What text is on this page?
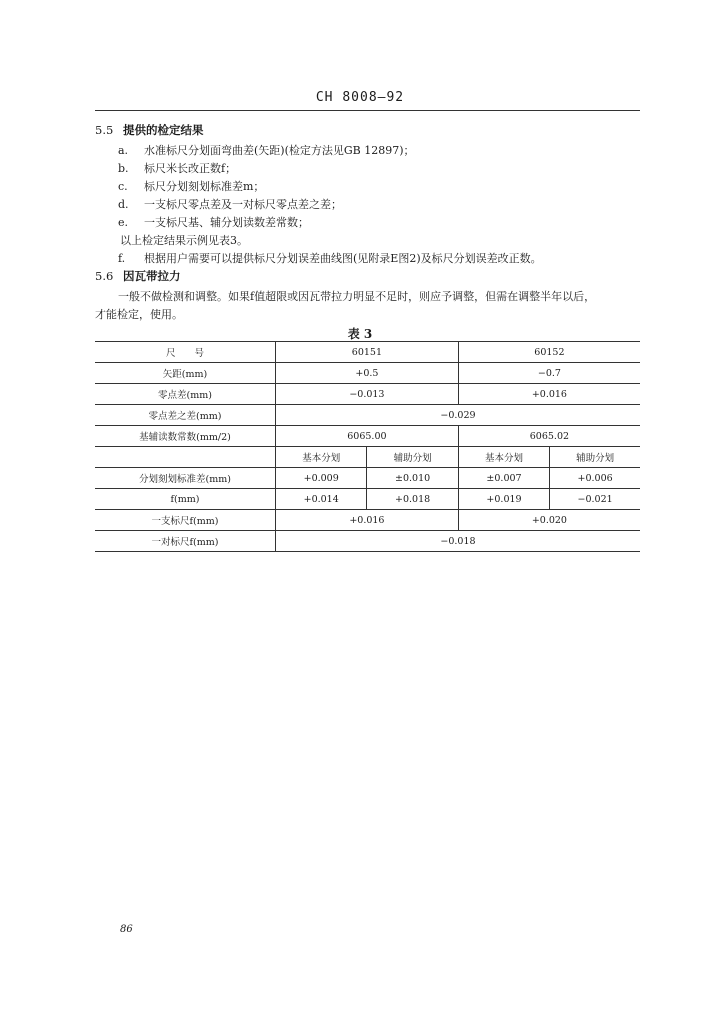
CH 8008—92
5.5 提供的检定结果
a. 水准标尺分划面弯曲差(矢距)(检定方法见GB 12897)；
b. 标尺米长改正数f；
c. 标尺分划刻划标准差m；
d. 一支标尺零点差及一对标尺零点差之差；
e. 一支标尺基、辅分划读数差常数；
以上检定结果示例见表3。
f. 根据用户需要可以提供标尺分划误差曲线图(见附录E图2)及标尺分划误差改正数。
5.6 因瓦带拉力
一般不做检测和调整。如果f值超限或因瓦带拉力明显不足时，则应予调整，但需在调整半年以后，
才能检定，使用。
表 3
尺　　号	60151		60152	
矢距(mm)	+0.5		−0.7	
零点差(mm)	−0.013		+0.016	
零点差之差(mm)	−0.029			
基辅读数常数(mm/2)	6065.00		6065.02	
	基本分划	辅助分划	基本分划	辅助分划
分划刻划标准差(mm)	+0.009	±0.010	±0.007	+0.006
f(mm)	+0.014	+0.018	+0.019	−0.021
一支标尺f(mm)	+0.016		+0.020	
一对标尺f(mm)	−0.018			
86
